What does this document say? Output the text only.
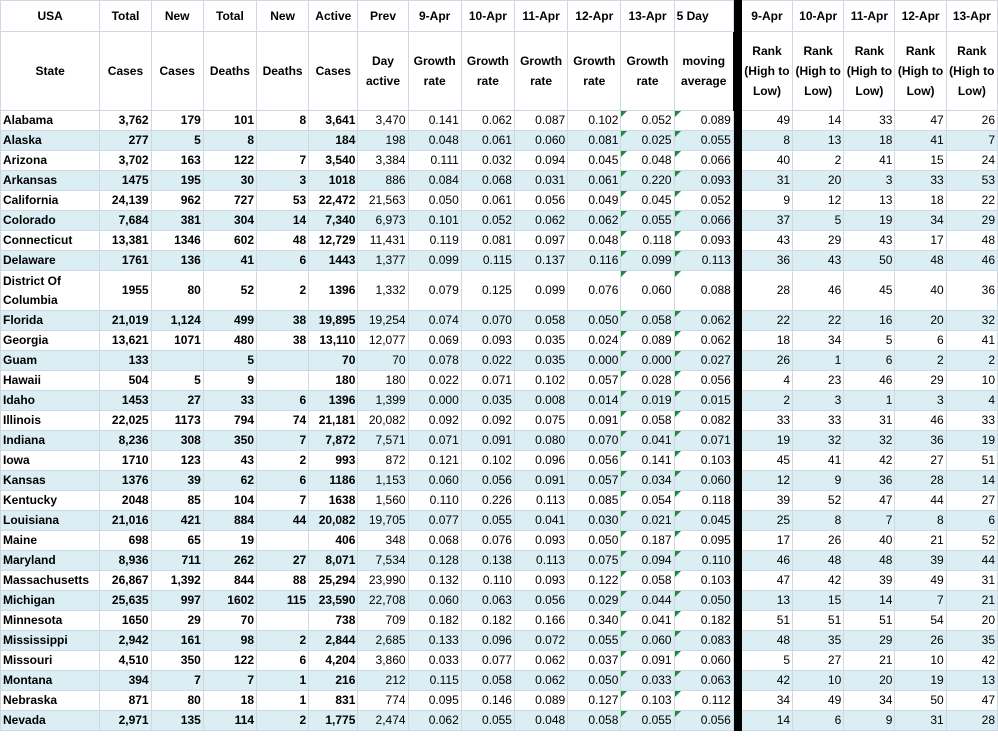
USA	Total	New	Total	New	Active	Prev	9-Apr	10-Apr	11-Apr	12-Apr	13-Apr	5 Day		9-Apr	10-Apr	11-Apr	12-Apr	13-Apr
State	Cases	Cases	Deaths	Deaths	Cases	Day active	Growth rate	Growth rate	Growth rate	Growth rate	Growth rate	moving average		Rank (High to Low)	Rank (High to Low)	Rank (High to Low)	Rank (High to Low)	Rank (High to Low)
Alabama	3,762	179	101	8	3,641	3,470	0.141	0.062	0.087	0.102	0.052	0.089		49	14	33	47	26
Alaska	277	5	8		184	198	0.048	0.061	0.060	0.081	0.025	0.055		8	13	18	41	7
Arizona	3,702	163	122	7	3,540	3,384	0.111	0.032	0.094	0.045	0.048	0.066		40	2	41	15	24
Arkansas	1475	195	30	3	1018	886	0.084	0.068	0.031	0.061	0.220	0.093		31	20	3	33	53
California	24,139	962	727	53	22,472	21,563	0.050	0.061	0.056	0.049	0.045	0.052		9	12	13	18	22
Colorado	7,684	381	304	14	7,340	6,973	0.101	0.052	0.062	0.062	0.055	0.066		37	5	19	34	29
Connecticut	13,381	1346	602	48	12,729	11,431	0.119	0.081	0.097	0.048	0.118	0.093		43	29	43	17	48
Delaware	1761	136	41	6	1443	1,377	0.099	0.115	0.137	0.116	0.099	0.113		36	43	50	48	46
District Of Columbia	1955	80	52	2	1396	1,332	0.079	0.125	0.099	0.076	0.060	0.088		28	46	45	40	36
Florida	21,019	1,124	499	38	19,895	19,254	0.074	0.070	0.058	0.050	0.058	0.062		22	22	16	20	32
Georgia	13,621	1071	480	38	13,110	12,077	0.069	0.093	0.035	0.024	0.089	0.062		18	34	5	6	41
Guam	133		5		70	70	0.078	0.022	0.035	0.000	0.000	0.027		26	1	6	2	2
Hawaii	504	5	9		180	180	0.022	0.071	0.102	0.057	0.028	0.056		4	23	46	29	10
Idaho	1453	27	33	6	1396	1,399	0.000	0.035	0.008	0.014	0.019	0.015		2	3	1	3	4
Illinois	22,025	1173	794	74	21,181	20,082	0.092	0.092	0.075	0.091	0.058	0.082		33	33	31	46	33
Indiana	8,236	308	350	7	7,872	7,571	0.071	0.091	0.080	0.070	0.041	0.071		19	32	32	36	19
Iowa	1710	123	43	2	993	872	0.121	0.102	0.096	0.056	0.141	0.103		45	41	42	27	51
Kansas	1376	39	62	6	1186	1,153	0.060	0.056	0.091	0.057	0.034	0.060		12	9	36	28	14
Kentucky	2048	85	104	7	1638	1,560	0.110	0.226	0.113	0.085	0.054	0.118		39	52	47	44	27
Louisiana	21,016	421	884	44	20,082	19,705	0.077	0.055	0.041	0.030	0.021	0.045		25	8	7	8	6
Maine	698	65	19		406	348	0.068	0.076	0.093	0.050	0.187	0.095		17	26	40	21	52
Maryland	8,936	711	262	27	8,071	7,534	0.128	0.138	0.113	0.075	0.094	0.110		46	48	48	39	44
Massachusetts	26,867	1,392	844	88	25,294	23,990	0.132	0.110	0.093	0.122	0.058	0.103		47	42	39	49	31
Michigan	25,635	997	1602	115	23,590	22,708	0.060	0.063	0.056	0.029	0.044	0.050		13	15	14	7	21
Minnesota	1650	29	70		738	709	0.182	0.182	0.166	0.340	0.041	0.182		51	51	51	54	20
Mississippi	2,942	161	98	2	2,844	2,685	0.133	0.096	0.072	0.055	0.060	0.083		48	35	29	26	35
Missouri	4,510	350	122	6	4,204	3,860	0.033	0.077	0.062	0.037	0.091	0.060		5	27	21	10	42
Montana	394	7	7	1	216	212	0.115	0.058	0.062	0.050	0.033	0.063		42	10	20	19	13
Nebraska	871	80	18	1	831	774	0.095	0.146	0.089	0.127	0.103	0.112		34	49	34	50	47
Nevada	2,971	135	114	2	1,775	2,474	0.062	0.055	0.048	0.058	0.055	0.056		14	6	9	31	28
